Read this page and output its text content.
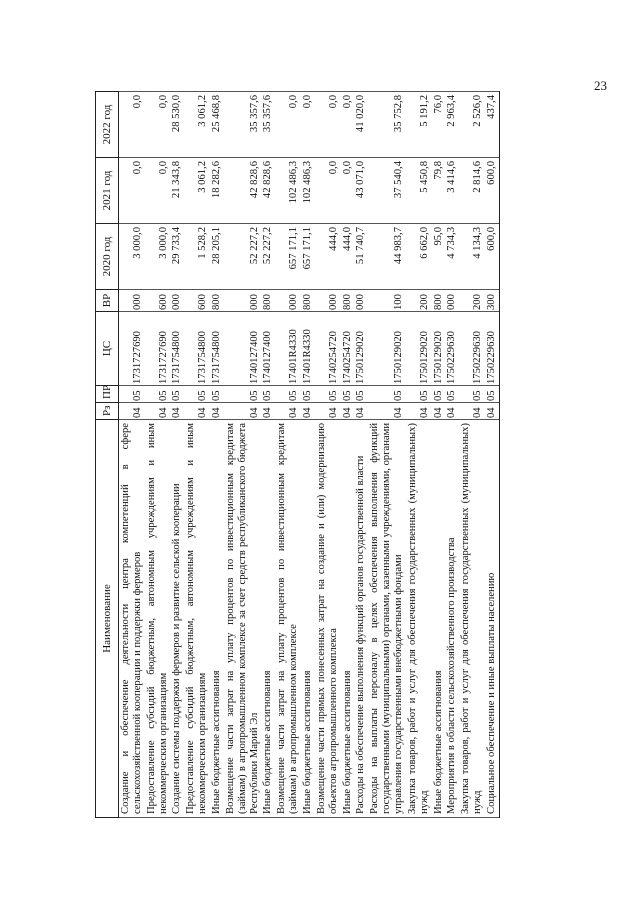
23
Наименование	Рз	ПР	ЦС	ВР	2020 год	2021 год	2022 год
Создание и обеспечение деятельности центра компетенций в сфере сельскохозяйственной кооперации и поддержки фермеров	04	05	1731727690	000	3 000,0	0,0	0,0
Предоставление субсидий бюджетным, автономным учреждениям и иным некоммерческим организациям	04	05	1731727690	600	3 000,0	0,0	0,0
Создание системы поддержки фермеров и развитие сельской кооперации	04	05	1731754800	000	29 733,4	21 343,8	28 530,0
Предоставление субсидий бюджетным, автономным учреждениям и иным некоммерческим организациям	04	05	1731754800	600	1 528,2	3 061,2	3 061,2
Иные бюджетные ассигнования	04	05	1731754800	800	28 205,1	18 282,6	25 468,8
Возмещение части затрат на уплату процентов по инвестиционным кредитам (займам) в агропромышленном комплексе за счет средств республиканского бюджета Республики Марий Эл	04	05	1740127400	000	52 227,2	42 828,6	35 357,6
Иные бюджетные ассигнования	04	05	1740127400	800	52 227,2	42 828,6	35 357,6
Возмещение части затрат на уплату процентов по инвестиционным кредитам (займам) в агропромышленном комплексе	04	05	17401R4330	000	657 171,1	102 486,3	0,0
Иные бюджетные ассигнования	04	05	17401R4330	800	657 171,1	102 486,3	0,0
Возмещение части прямых понесенных затрат на создание и (или) модернизацию объектов агропромышленного комплекса	04	05	1740254720	000	444,0	0,0	0,0
Иные бюджетные ассигнования	04	05	1740254720	800	444,0	0,0	0,0
Расходы на обеспечение выполнения функций органов государственной власти	04	05	1750129020	000	51 740,7	43 071,0	41 020,0
Расходы на выплаты персоналу в целях обеспечения выполнения функций государственными (муниципальными) органами, казенными учреждениями, органами управления государственными внебюджетными фондами	04	05	1750129020	100	44 983,7	37 540,4	35 752,8
Закупка товаров, работ и услуг для обеспечения государственных (муниципальных) нужд	04	05	1750129020	200	6 662,0	5 450,8	5 191,2
Иные бюджетные ассигнования	04	05	1750129020	800	95,0	79,8	76,0
Мероприятия в области сельскохозяйственного производства	04	05	1750229630	000	4 734,3	3 414,6	2 963,4
Закупка товаров, работ и услуг для обеспечения государственных (муниципальных) нужд	04	05	1750229630	200	4 134,3	2 814,6	2 526,0
Социальное обеспечение и иные выплаты населению	04	05	1750229630	300	600,0	600,0	437,4
